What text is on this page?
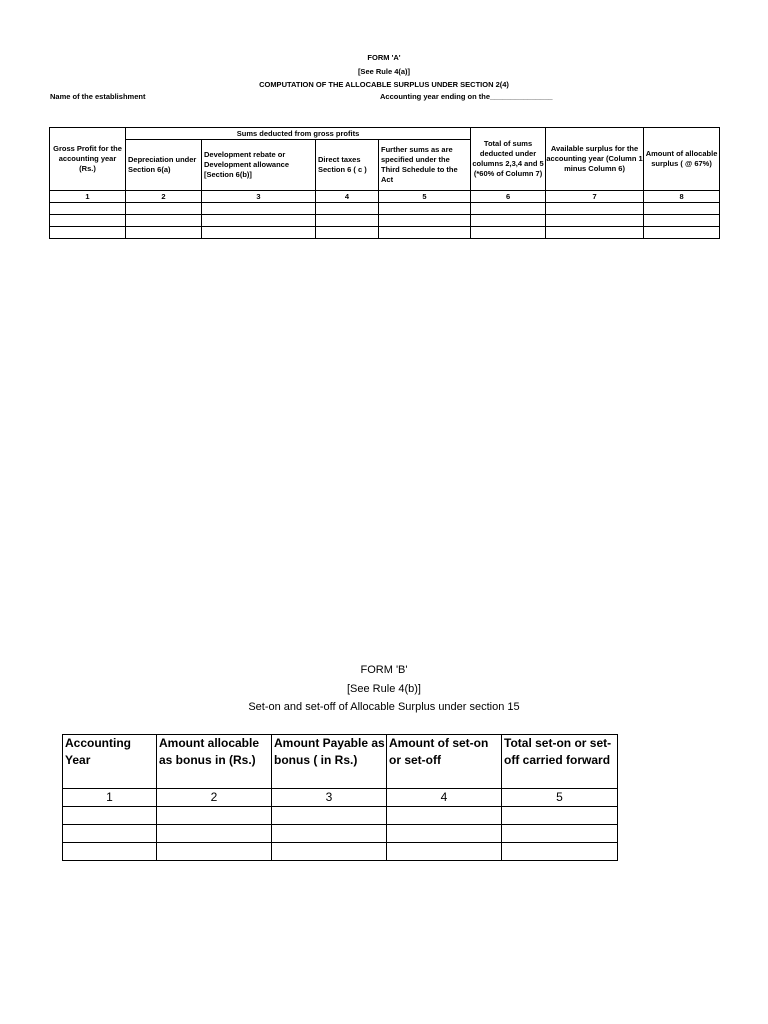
FORM 'A'
[See Rule 4(a)]
COMPUTATION OF THE ALLOCABLE SURPLUS UNDER SECTION 2(4)
Name of the establishment	Accounting year ending on the_______________
Gross Profit for the accounting year (Rs.)	Sums deducted from gross profits				Total of sums deducted under columns 2,3,4 and 5 (*60% of Column 7)	Available surplus for the accounting year (Column 1 minus Column 6)	Amount of allocable surplus ( @ 67%)
	Depreciation under Section 6(a)	Development rebate or Development allowance [Section 6(b)]	Direct taxes Section 6 ( c )	Further sums as are specified under the Third Schedule to the Act			
1	2	3	4	5	6	7	8

FORM 'B'
[See Rule 4(b)]
Set-on and set-off of Allocable Surplus under section 15
Accounting Year	Amount allocable as bonus in (Rs.)	Amount Payable as bonus ( in Rs.)	Amount of set-on or set-off	Total set-on or set-off carried forward
1	2	3	4	5
